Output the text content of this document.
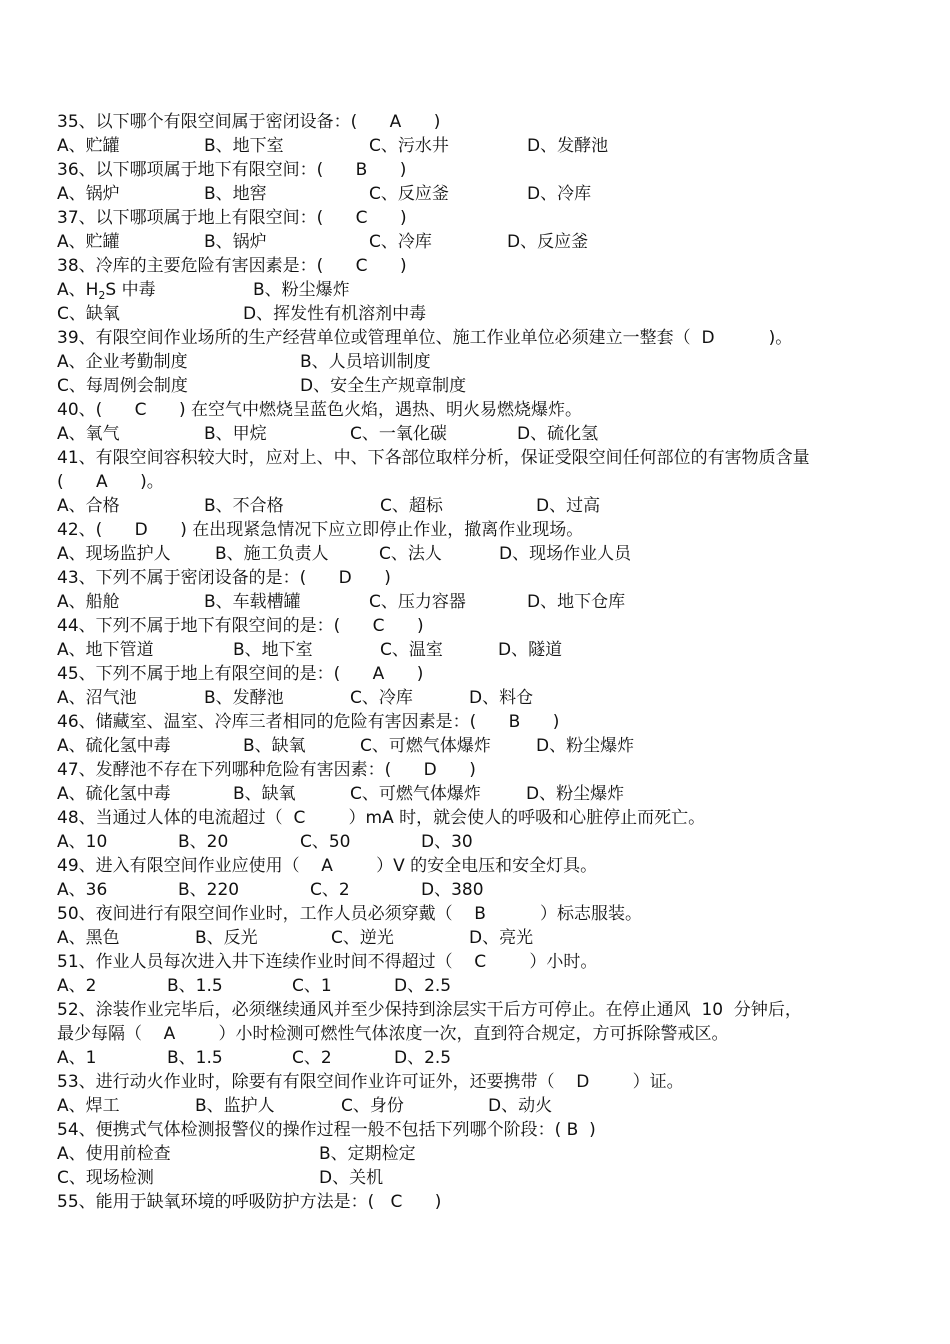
35、以下哪个有限空间属于密闭设备：(      A      )

A、贮罐

	B、地下室

	C、污水井

	D、发酵池

36、以下哪项属于地下有限空间：(      B      )

A、锅炉

	B、地窖

	C、反应釜

	D、冷库

37、以下哪项属于地上有限空间：(      C      )

A、贮罐

	B、锅炉

	C、冷库

	D、反应釜

38、冷库的主要危险有害因素是：(      C      )

A、$H_2S$ 中毒

	B、粉尘爆炸

C、缺氧

	D、挥发性有机溶剂中毒

39、有限空间作业场所的生产经营单位或管理单位、施工作业单位必须建立一整套（  D          )。

A、企业考勤制度

	B、人员培训制度

C、每周例会制度

	D、安全生产规章制度

40、(      C      ) 在空气中燃烧呈蓝色火焰，遇热、明火易燃烧爆炸。

A、氧气

	B、甲烷

	C、一氧化碳

	D、硫化氢

41、有限空间容积较大时，应对上、中、下各部位取样分析，保证受限空间任何部位的有害物质含量
(      A      )。

A、合格

	B、不合格

	C、超标

	D、过高

42、(      D      ) 在出现紧急情况下应立即停止作业，撤离作业现场。

A、现场监护人

	B、施工负责人

	C、法人

	D、现场作业人员

43、下列不属于密闭设备的是：(      D      )

A、船舱

	B、车载槽罐

	C、压力容器

	D、地下仓库

44、下列不属于地下有限空间的是：(      C      )

A、地下管道

	B、地下室

	C、温室

	D、隧道

45、下列不属于地上有限空间的是：(      A      )

A、沼气池

	B、发酵池

	C、冷库

	D、料仓

46、储藏室、温室、冷库三者相同的危险有害因素是：(      B      )

A、硫化氢中毒

	B、缺氧

	C、可燃气体爆炸

	D、粉尘爆炸

47、发酵池不存在下列哪种危险有害因素：(      D      )

A、硫化氢中毒

	B、缺氧

	C、可燃气体爆炸

	D、粉尘爆炸

48、当通过人体的电流超过（  C        ）mA 时，就会使人的呼吸和心脏停止而死亡。

A、10

	B、20

	C、50

	D、30

49、进入有限空间作业应使用（    A        ）V 的安全电压和安全灯具。

A、36

	B、220

	C、2

	D、380

50、夜间进行有限空间作业时，工作人员必须穿戴（    B          ）标志服装。

A、黑色

	B、反光

	C、逆光

	D、亮光

51、作业人员每次进入井下连续作业时间不得超过（    C        ）小时。

A、2

	B、1.5

	C、1

	D、2.5

52、涂装作业完毕后，必须继续通风并至少保持到涂层实干后方可停止。在停止通风  10  分钟后，
最少每隔（    A        ）小时检测可燃性气体浓度一次，直到符合规定，方可拆除警戒区。

A、1

	B、1.5

	C、2

	D、2.5

53、进行动火作业时，除要有有限空间作业许可证外，还要携带（    D        ）证。

A、焊工

	B、监护人

	C、身份

	D、动火

54、便携式气体检测报警仪的操作过程一般不包括下列哪个阶段：( B  )

A、使用前检查

	B、定期检定

C、现场检测

	D、关机

55、能用于缺氧环境的呼吸防护方法是：(   C      )
